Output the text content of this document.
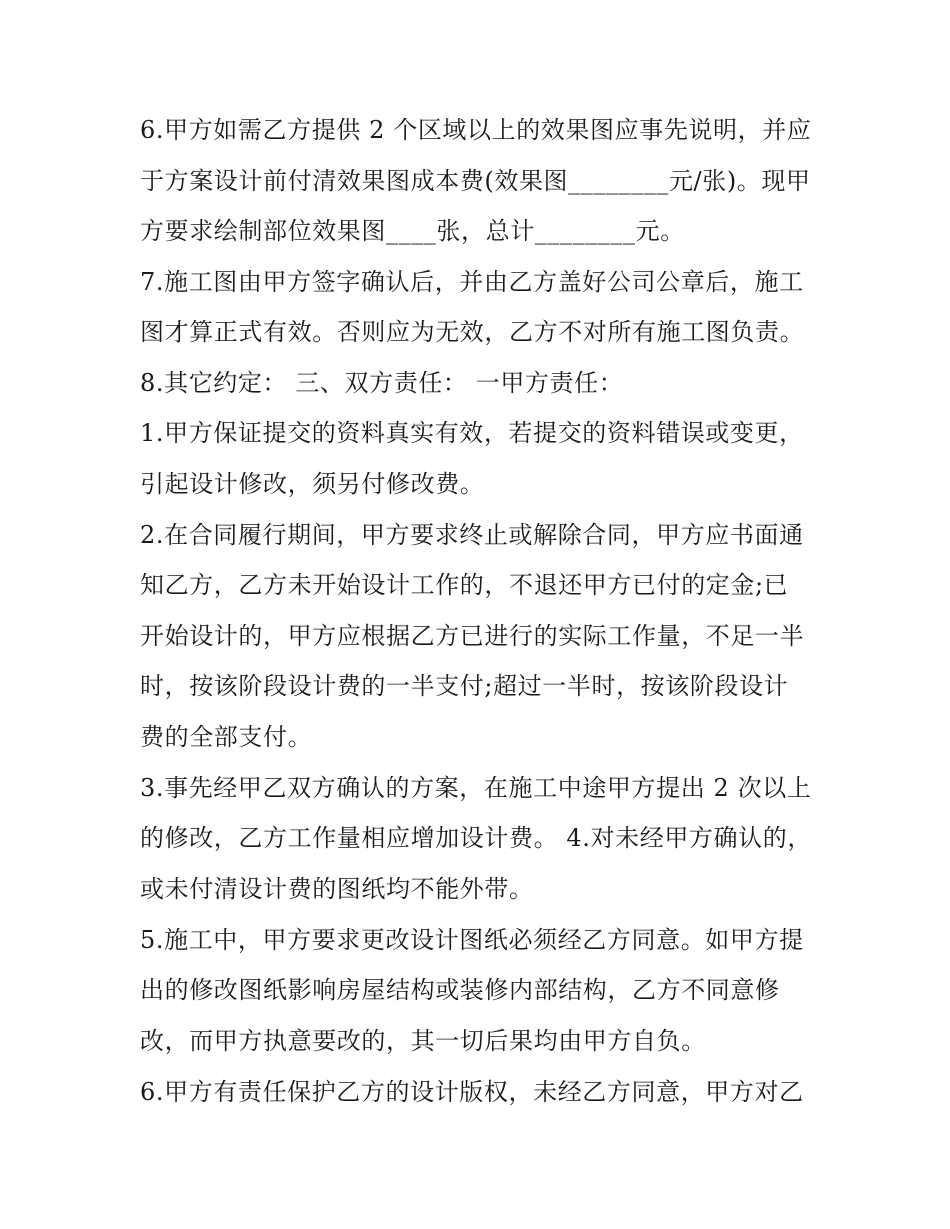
6.甲方如需乙方提供 2 个区域以上的效果图应事先说明，并应
于方案设计前付清效果图成本费(效果图________元/张)。现甲
方要求绘制部位效果图____张，总计________元。
7.施工图由甲方签字确认后，并由乙方盖好公司公章后，施工
图才算正式有效。否则应为无效，乙方不对所有施工图负责。
8.其它约定： 三、双方责任： 一甲方责任：
1.甲方保证提交的资料真实有效，若提交的资料错误或变更，
引起设计修改，须另付修改费。
2.在合同履行期间，甲方要求终止或解除合同，甲方应书面通
知乙方，乙方未开始设计工作的，不退还甲方已付的定金;已
开始设计的，甲方应根据乙方已进行的实际工作量，不足一半
时，按该阶段设计费的一半支付;超过一半时，按该阶段设计
费的全部支付。
3.事先经甲乙双方确认的方案，在施工中途甲方提出 2 次以上
的修改，乙方工作量相应增加设计费。 4.对未经甲方确认的，
或未付清设计费的图纸均不能外带。
5.施工中，甲方要求更改设计图纸必须经乙方同意。如甲方提
出的修改图纸影响房屋结构或装修内部结构，乙方不同意修
改，而甲方执意要改的，其一切后果均由甲方自负。
6.甲方有责任保护乙方的设计版权，未经乙方同意，甲方对乙
